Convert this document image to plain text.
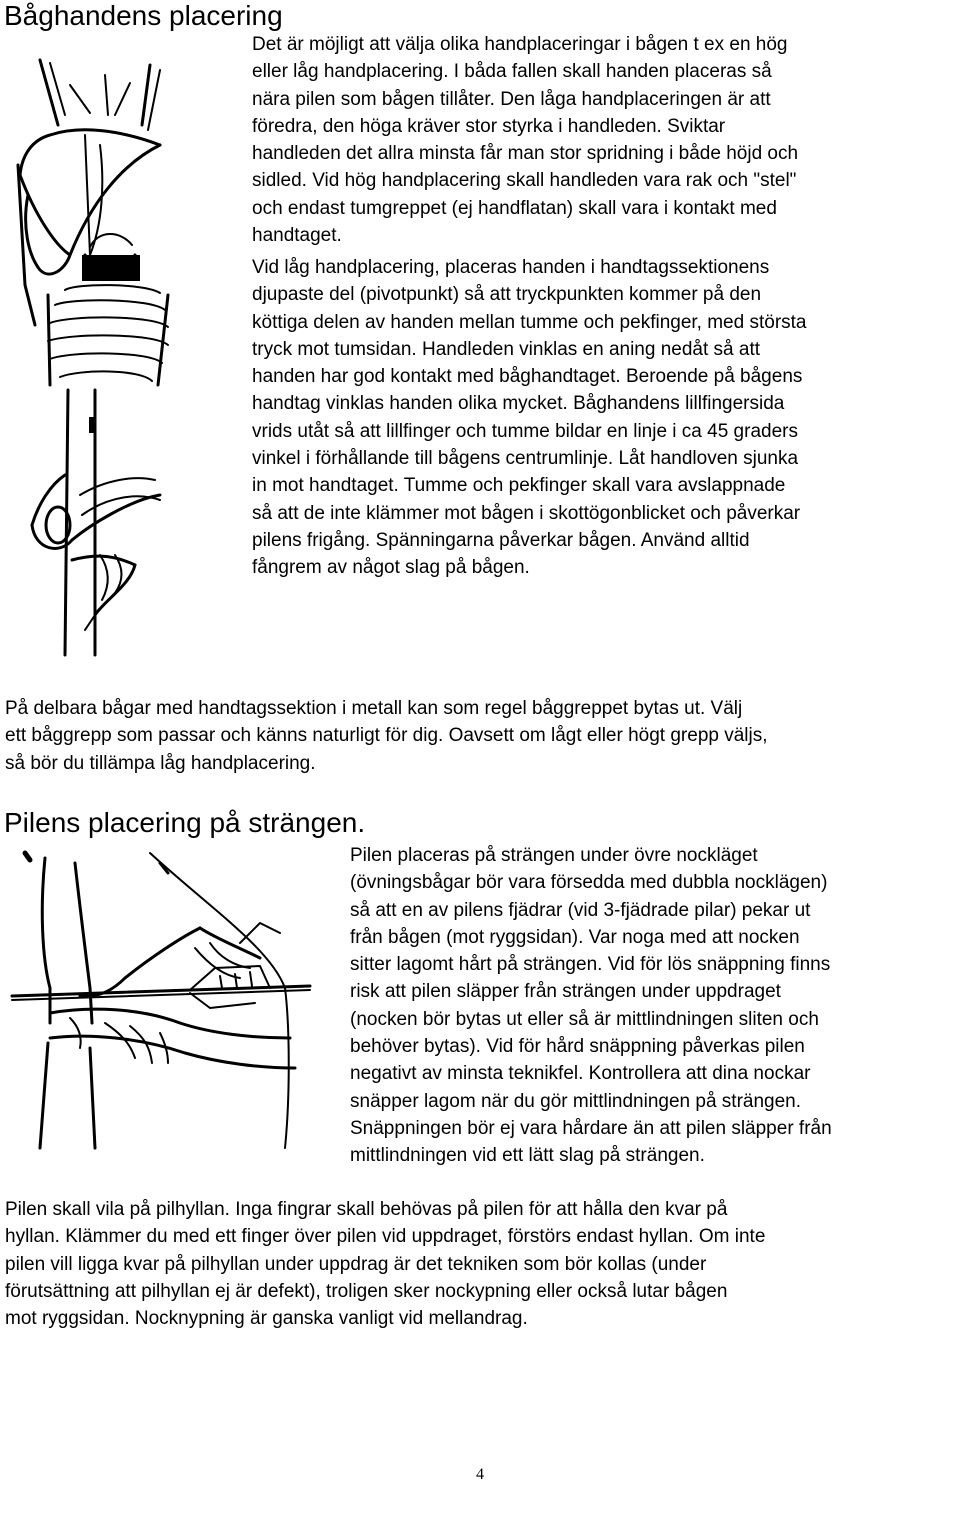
Båghandens placering
Det är möjligt att välja olika handplaceringar i bågen t ex en hög
eller låg handplacering. I båda fallen skall handen placeras så
nära pilen som bågen tillåter. Den låga handplaceringen är att
föredra, den höga kräver stor styrka i handleden. Sviktar
handleden det allra minsta får man stor spridning i både höjd och
sidled. Vid hög handplacering skall handleden vara rak och "stel"
och endast tumgreppet (ej handflatan) skall vara i kontakt med
handtaget.
Vid låg handplacering, placeras handen i handtagssektionens
djupaste del (pivotpunkt) så att tryckpunkten kommer på den
köttiga delen av handen mellan tumme och pekfinger, med största
tryck mot tumsidan. Handleden vinklas en aning nedåt så att
handen har god kontakt med båghandtaget. Beroende på bågens
handtag vinklas handen olika mycket. Båghandens lillfingersida
vrids utåt så att lillfinger och tumme bildar en linje i ca 45 graders
vinkel i förhållande till bågens centrumlinje. Låt handloven sjunka
in mot handtaget. Tumme och pekfinger skall vara avslappnade
så att de inte klämmer mot bågen i skottögonblicket och påverkar
pilens frigång. Spänningarna påverkar bågen. Använd alltid
fångrem av något slag på bågen.
På delbara bågar med handtagssektion i metall kan som regel båggreppet bytas ut. Välj
ett båggrepp som passar och känns naturligt för dig. Oavsett om lågt eller högt grepp väljs,
så bör du tillämpa låg handplacering.
Pilens placering på strängen.
Pilen placeras på strängen under övre nockläget
(övningsbågar bör vara försedda med dubbla nocklägen)
så att en av pilens fjädrar (vid 3-fjädrade pilar) pekar ut
från bågen (mot ryggsidan). Var noga med att nocken
sitter lagomt hårt på strängen. Vid för lös snäppning finns
risk att pilen släpper från strängen under uppdraget
(nocken bör bytas ut eller så är mittlindningen sliten och
behöver bytas). Vid för hård snäppning påverkas pilen
negativt av minsta teknikfel. Kontrollera att dina nockar
snäpper lagom när du gör mittlindningen på strängen.
Snäppningen bör ej vara hårdare än att pilen släpper från
mittlindningen vid ett lätt slag på strängen.
Pilen skall vila på pilhyllan. Inga fingrar skall behövas på pilen för att hålla den kvar på
hyllan. Klämmer du med ett finger över pilen vid uppdraget, förstörs endast hyllan. Om inte
pilen vill ligga kvar på pilhyllan under uppdrag är det tekniken som bör kollas (under
förutsättning att pilhyllan ej är defekt), troligen sker nockypning eller också lutar bågen
mot ryggsidan. Nocknypning är ganska vanligt vid mellandrag.
4
